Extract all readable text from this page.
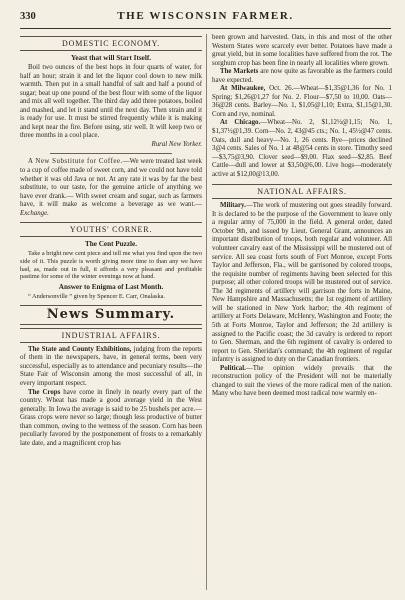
330	THE WISCONSIN FARMER.
DOMESTIC ECONOMY.
Yeast that will Start Itself.

Boil two ounces of the best hops in four quarts of water, for half an hour; strain it and let the liquor cool down to new milk warmth. Then put in a small handful of salt and half a pound of sugar; beat up one pound of the best flour with some of the liquor and mix all well together. The third day add three potatoes, boiled and mashed, and let it stand until the next day. Then strain and it is ready for use. It must be stirred frequently while it is making and kept near the fire. Before using, stir well. It will keep two or three months in a cool place.

Rural New Yorker.

A New Substitute for Coffee.—We were treated last week to a cup of coffee made of sweet corn, and we could not have told whether it was old Java or not. At any rate it was by far the best substitute, to our taste, for the genuine article of anything we have ever drank.— With sweet cream and sugar, such as farmers have, it will make as welcome a beverage as we want.—Exchange.

YOUTHS' CORNER.
The Cent Puzzle.

Take a bright new cent piece and tell me what you find upon the two side of it. This puzzle is worth giving more time to than any we have had, as, made out in full, it affords a very pleasant and profitable pastime for some of the winter evenings now at hand.

Answer to Enigma of Last Month.

“ Andersonville ” given by Spencer E. Carr, Onalaska.

News Summary.
INDUSTRIAL AFFAIRS.

The State and County Exhibitions, judging from the reports of them in the newspapers, have, in general terms, been very successful, especially as to attendance and pecuniary results—the State Fair of Wisconsin among the most successful of all, in every important respect.

The Crops have come in finely in nearly every part of the country. Wheat has made a good average yield in the West generally. In Iowa the average is said to be 25 bushels per acre.— Grass crops were never so large; though less productive of butter than common, owing to the wetness of the season. Corn has been peculiarly favored by the postponement of frosts to a remarkably late date, and a magnificent crop has

been grown and harvested. Oats, in this and most of the other Western States were scarcely ever better. Potatoes have made a great yield, but in some localities have suffered from the rot. The sorghum crop has been fine in nearly all localities where grown.

The Markets are now quite as favorable as the farmers could have expected.

At Milwaukee, Oct. 26.—Wheat—$1,35@1,36 for No. 1 Spring; $1,26@1,27 for No. 2. Flour—$7,50 to 10,00. Oats—36@28 cents. Barley—No. 1, $1,05@1,10; Extra, $1,15@1,30. Corn and rye, nominal.

At Chicago.—Wheat—No. 2, $1,12½@1,15; No. 1, $1,37½@1,39. Corn—No. 2, 43@45 cts.; No. 1, 45½@47 cents. Oats, dull and heavy—No. 1, 26 cents. Rye—prices declined 3@4 cents. Sales of No. 1 at 48@54 cents in store. Timothy seed—$3,75@3,90. Clover seed—$9,00. Flax seed—$2,85. Beef Cattle—dull and lower at $3,50@6,00. Live hogs—moderately active at $12,00@13,00.

NATIONAL AFFAIRS.

Military.—The work of mustering out goes steadily forward. It is declared to be the purpose of the Government to leave only a regular army of 75,000 in the field. A general order, dated October 9th, and issued by Lieut. General Grant, announces an important distribution of troops, both regular and volunteer. All volunteer cavalry east of the Mississippi will be mustered out of service. All sea coast forts south of Fort Monroe, except Forts Taylor and Jefferson, Fla., will be garrisoned by colored troops, the requisite number of regiments having been selected for this purpose; all other colored troops will be mustered out of service. The 3d regiments of artillery will garrison the forts in Maine, New Hampshire and Massachusetts; the 1st regiment of artillery will be stationed in New York harbor; the 4th regiment of artillery at Forts Delaware, McHenry, Washington and Foote; the 5th at Forts Monroe, Taylor and Jefferson; the 2d artillery is assigned to the Pacific coast; the 3d cavalry is ordered to report to Gen. Sherman, and the 6th regiment of cavalry is ordered to report to Gen. Sheridan's command; the 4th regiment of regular infantry is assigned to duty on the Canadian frontiers.

Political.—The opinion widely prevails that the reconstruction policy of the President will not be materially changed to suit the views of the more radical men of the nation. Many who have been deemed most radical now warmly en-
